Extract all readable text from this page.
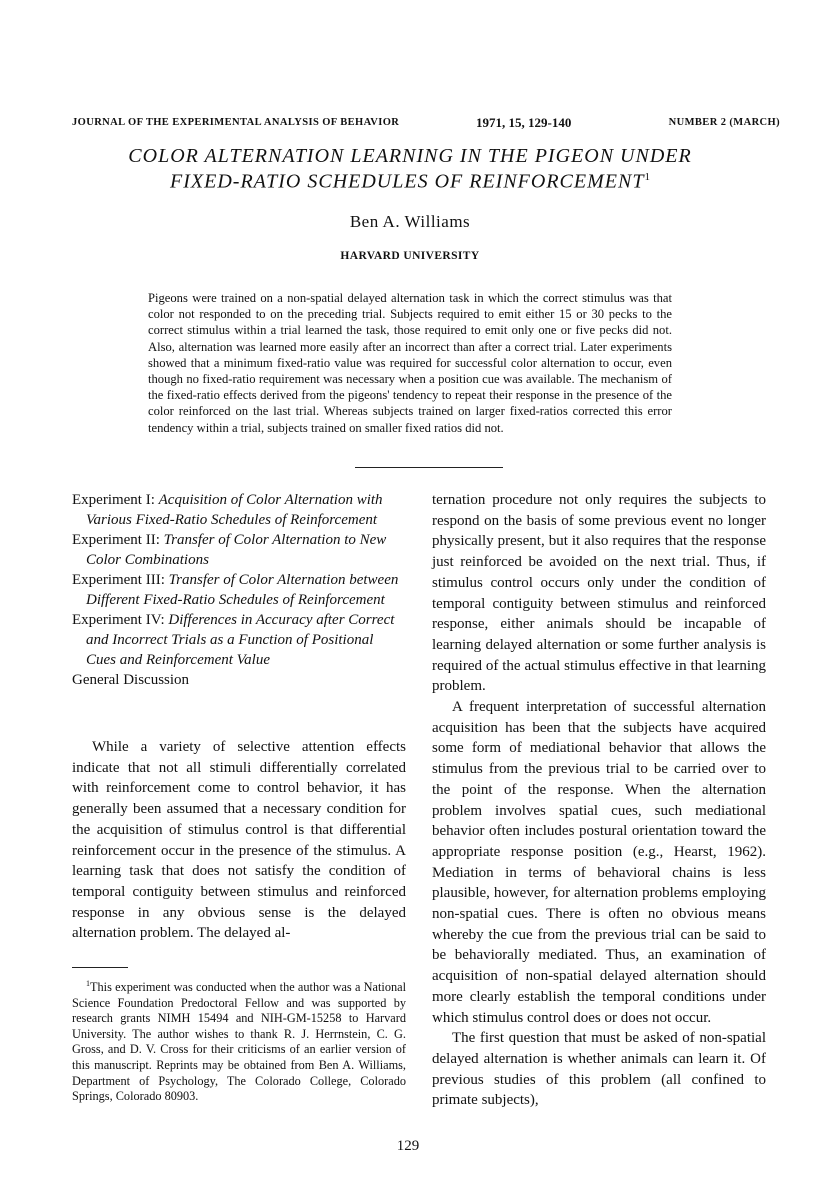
JOURNAL OF THE EXPERIMENTAL ANALYSIS OF BEHAVIOR	1971, 15, 129-140	NUMBER 2 (MARCH)
COLOR ALTERNATION LEARNING IN THE PIGEON UNDER FIXED-RATIO SCHEDULES OF REINFORCEMENT$^1$
Ben A. Williams
HARVARD UNIVERSITY
Pigeons were trained on a non-spatial delayed alternation task in which the correct stimulus was that color not responded to on the preceding trial. Subjects required to emit either 15 or 30 pecks to the correct stimulus within a trial learned the task, those required to emit only one or five pecks did not. Also, alternation was learned more easily after an incorrect than after a correct trial. Later experiments showed that a minimum fixed-ratio value was required for successful color alternation to occur, even though no fixed-ratio requirement was necessary when a position cue was available. The mechanism of the fixed-ratio effects derived from the pigeons' tendency to repeat their response in the presence of the color reinforced on the last trial. Whereas subjects trained on larger fixed-ratios corrected this error tendency within a trial, subjects trained on smaller fixed ratios did not.
Experiment I: Acquisition of Color Alternation with Various Fixed-Ratio Schedules of Reinforcement
Experiment II: Transfer of Color Alternation to New Color Combinations
Experiment III: Transfer of Color Alternation between Different Fixed-Ratio Schedules of Reinforcement
Experiment IV: Differences in Accuracy after Correct and Incorrect Trials as a Function of Positional Cues and Reinforcement Value
General Discussion

While a variety of selective attention effects indicate that not all stimuli differentially correlated with reinforcement come to control behavior, it has generally been assumed that a necessary condition for the acquisition of stimulus control is that differential reinforcement occur in the presence of the stimulus. A learning task that does not satisfy the condition of temporal contiguity between stimulus and reinforced response in any obvious sense is the delayed alternation problem. The delayed al-

ternation procedure not only requires the subjects to respond on the basis of some previous event no longer physically present, but it also requires that the response just reinforced be avoided on the next trial. Thus, if stimulus control occurs only under the condition of temporal contiguity between stimulus and reinforced response, either animals should be incapable of learning delayed alternation or some further analysis is required of the actual stimulus effective in that learning problem.

A frequent interpretation of successful alternation acquisition has been that the subjects have acquired some form of mediational behavior that allows the stimulus from the previous trial to be carried over to the point of the response. When the alternation problem involves spatial cues, such mediational behavior often includes postural orientation toward the appropriate response position (e.g., Hearst, 1962). Mediation in terms of behavioral chains is less plausible, however, for alternation problems employing non-spatial cues. There is often no obvious means whereby the cue from the previous trial can be said to be behaviorally mediated. Thus, an examination of acquisition of non-spatial delayed alternation should more clearly establish the temporal conditions under which stimulus control does or does not occur.

The first question that must be asked of non-spatial delayed alternation is whether animals can learn it. Of previous studies of this problem (all confined to primate subjects),

$^1$This experiment was conducted when the author was a National Science Foundation Predoctoral Fellow and was supported by research grants NIMH 15494 and NIH-GM-15258 to Harvard University. The author wishes to thank R. J. Herrnstein, C. G. Gross, and D. V. Cross for their criticisms of an earlier version of this manuscript. Reprints may be obtained from Ben A. Williams, Department of Psychology, The Colorado College, Colorado Springs, Colorado 80903.
129
